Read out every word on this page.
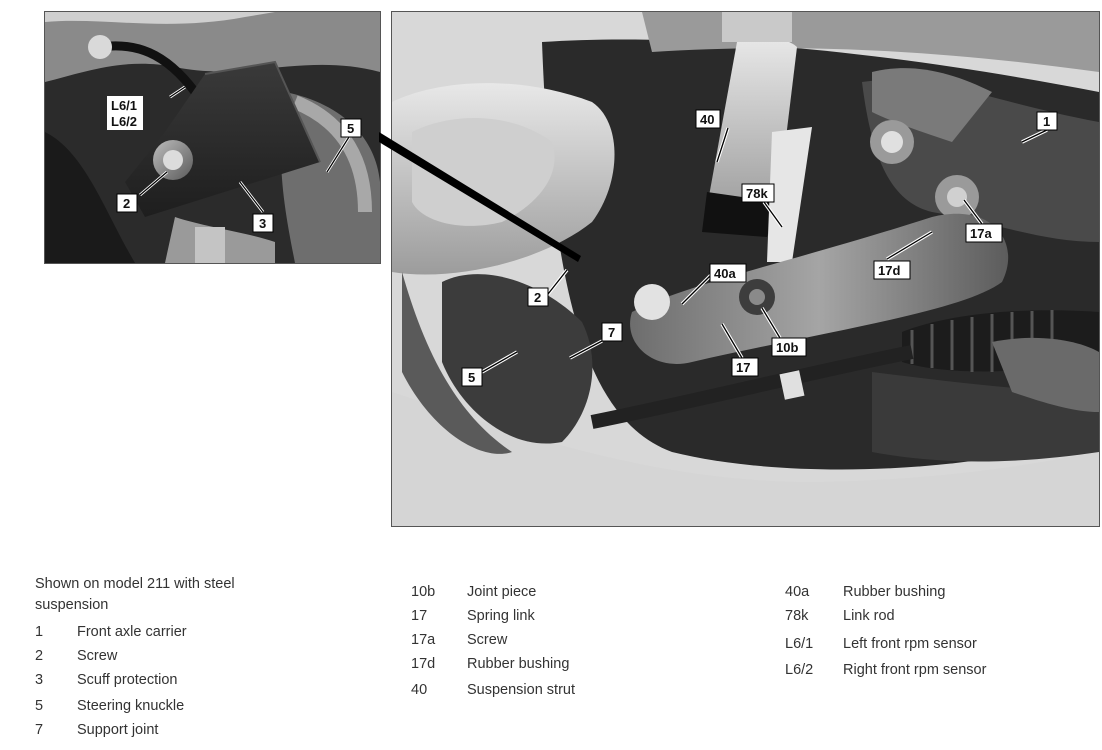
L6/1
L6/2
2
3
5
40	1
78k
17a
17d
40a
2
7
10b
17
5
Shown on model 211 with steel
suspension
1 Front axle carrier
2 Screw
3 Scuff protection
5 Steering knuckle
7 Support joint
10b Joint piece
17	Spring link
17a Screw
17d Rubber bushing
40	Suspension strut
40a Rubber bushing
78k Link rod
L6/1 Left front rpm sensor
L6/2 Right front rpm sensor
